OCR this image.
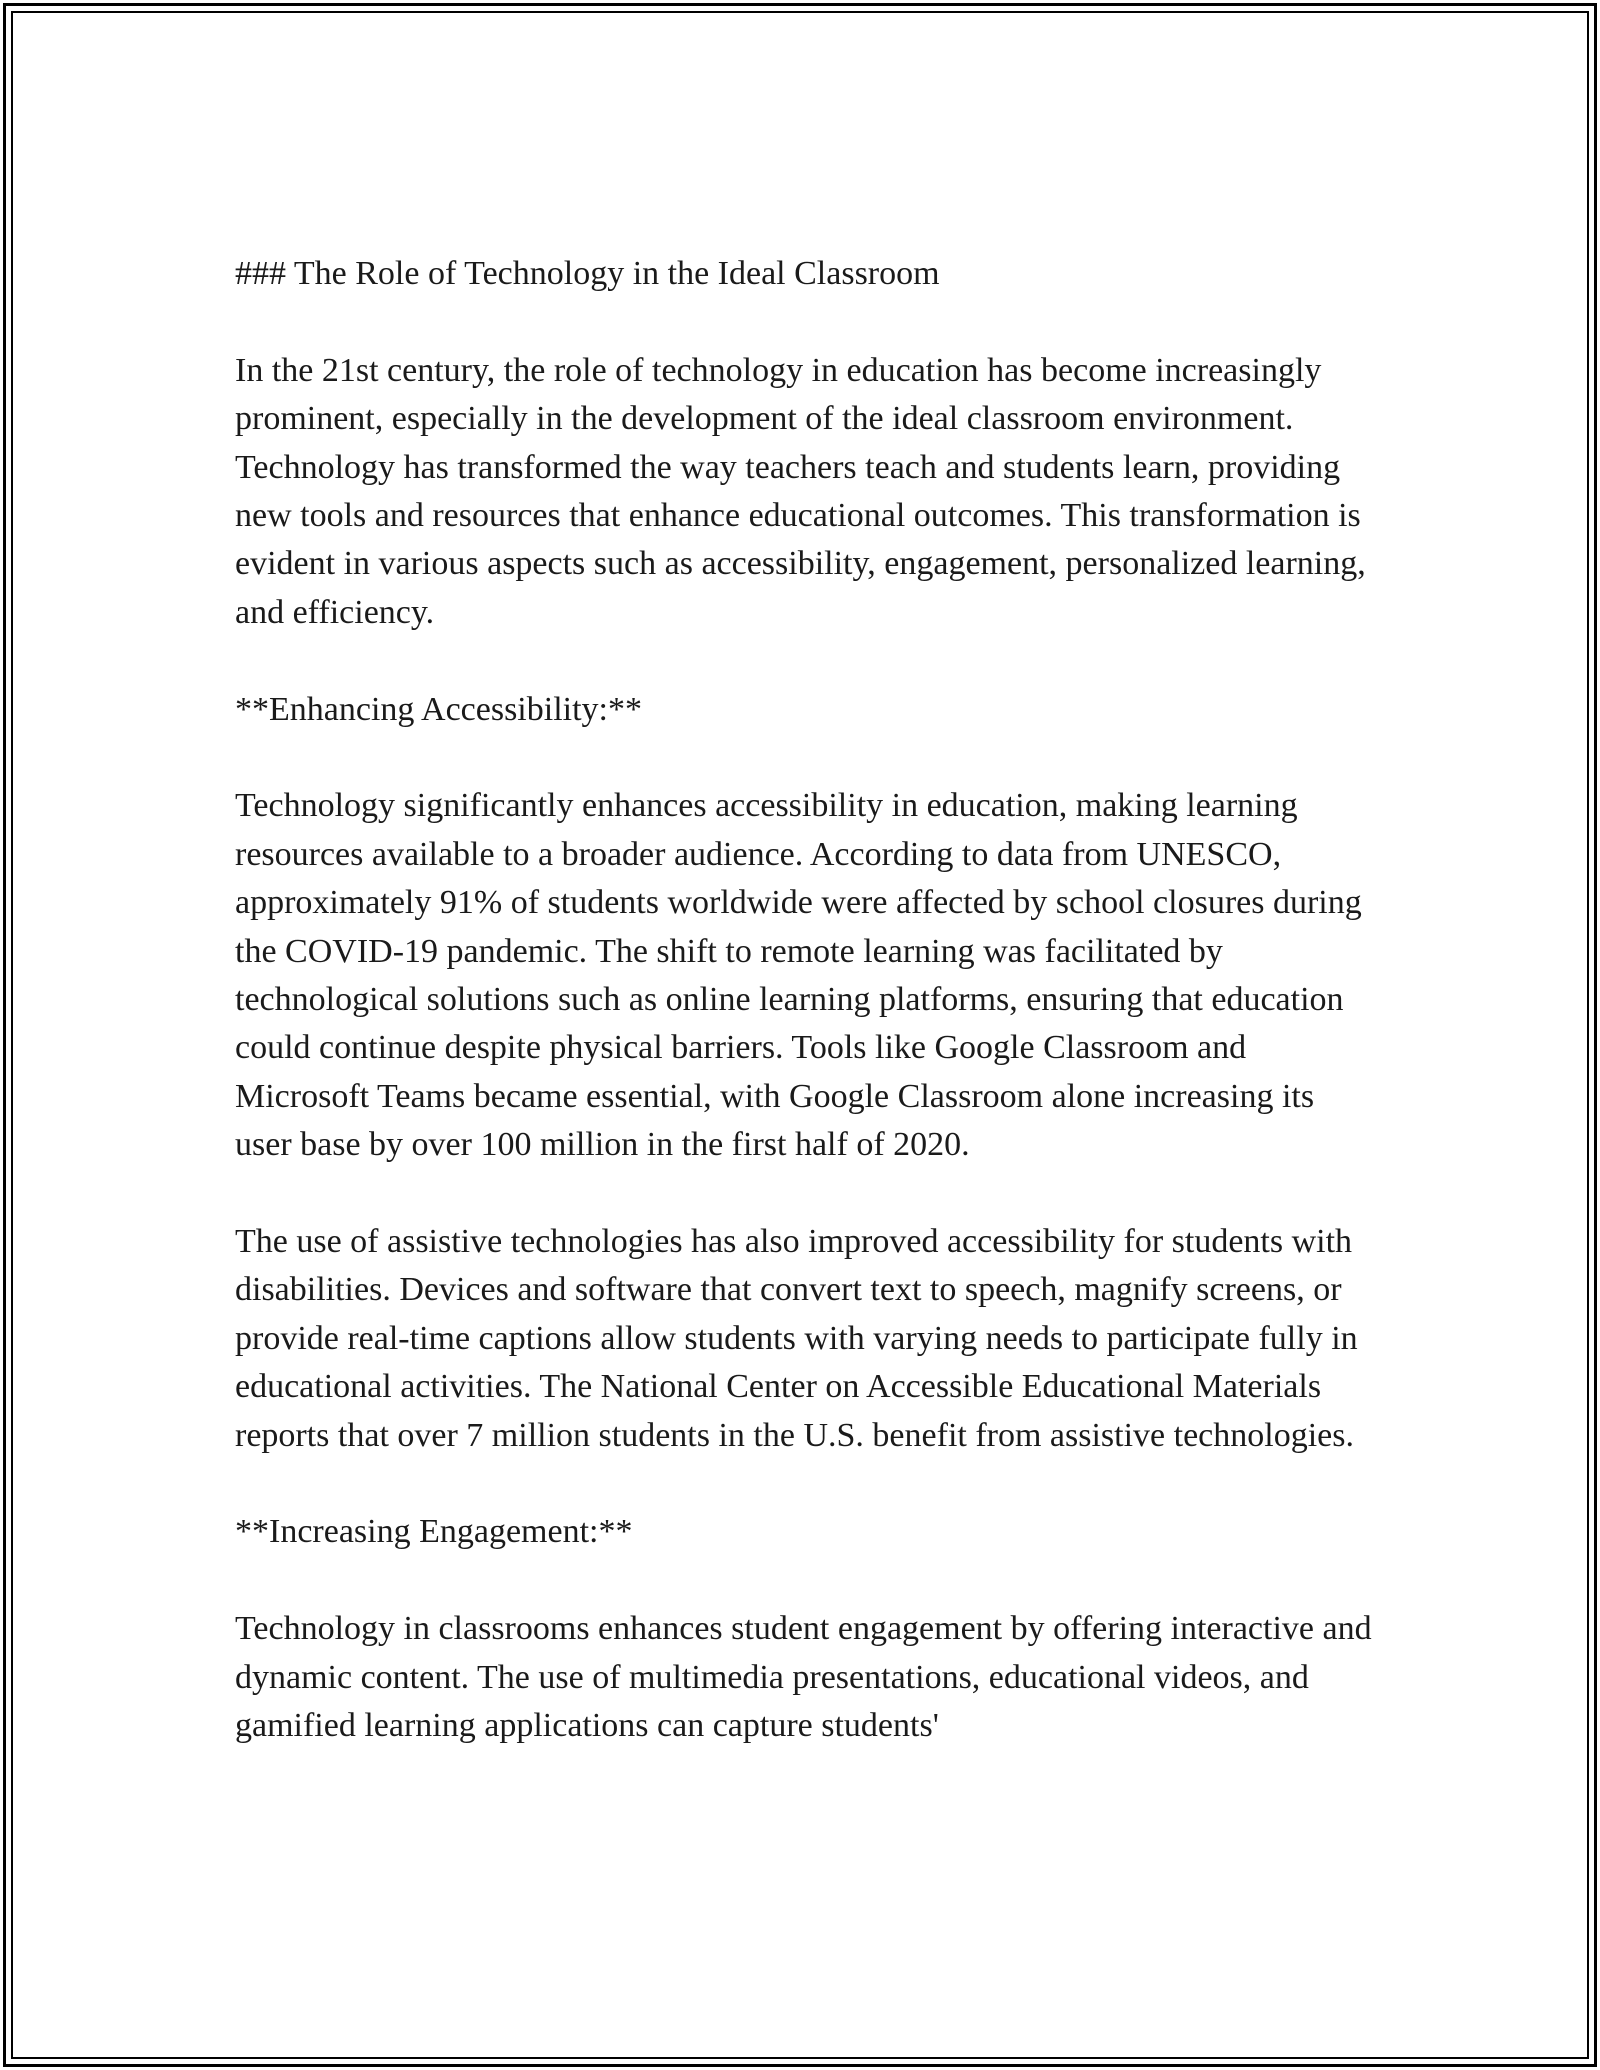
### The Role of Technology in the Ideal Classroom

In the 21st century, the role of technology in education has become increasingly prominent, especially in the development of the ideal classroom environment. Technology has transformed the way teachers teach and students learn, providing new tools and resources that enhance educational outcomes. This transformation is evident in various aspects such as accessibility, engagement, personalized learning, and efficiency.

**Enhancing Accessibility:**

Technology significantly enhances accessibility in education, making learning resources available to a broader audience. According to data from UNESCO, approximately 91% of students worldwide were affected by school closures during the COVID-19 pandemic. The shift to remote learning was facilitated by technological solutions such as online learning platforms, ensuring that education could continue despite physical barriers. Tools like Google Classroom and Microsoft Teams became essential, with Google Classroom alone increasing its user base by over 100 million in the first half of 2020.

The use of assistive technologies has also improved accessibility for students with disabilities. Devices and software that convert text to speech, magnify screens, or provide real-time captions allow students with varying needs to participate fully in educational activities. The National Center on Accessible Educational Materials reports that over 7 million students in the U.S. benefit from assistive technologies.

**Increasing Engagement:**

Technology in classrooms enhances student engagement by offering interactive and dynamic content. The use of multimedia presentations, educational videos, and gamified learning applications can capture students'
